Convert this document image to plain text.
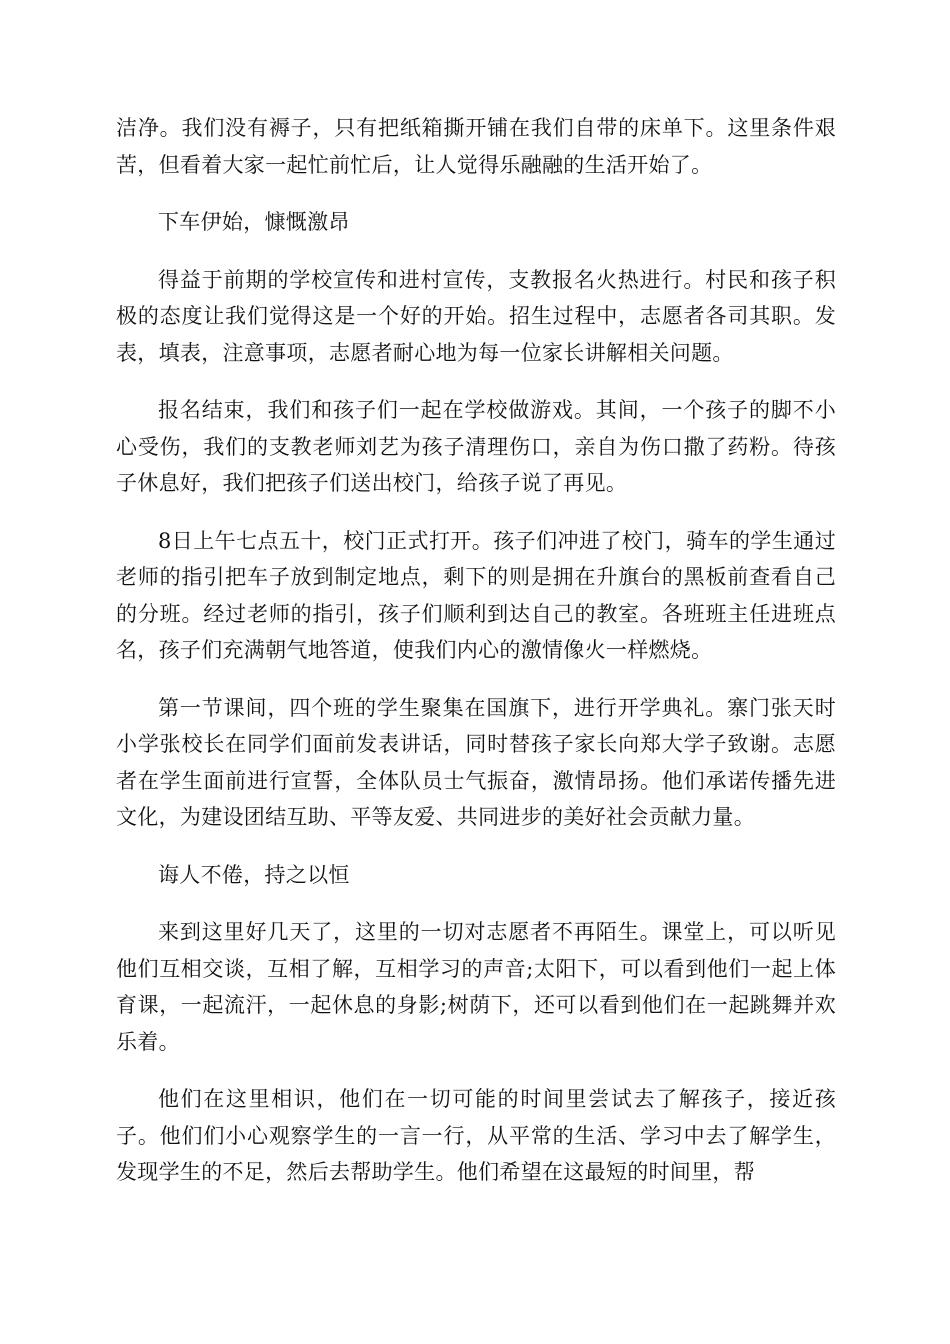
洁净。我们没有褥子，只有把纸箱撕开铺在我们自带的床单下。这里条件艰苦，但看着大家一起忙前忙后，让人觉得乐融融的生活开始了。

下车伊始，慷慨激昂

得益于前期的学校宣传和进村宣传，支教报名火热进行。村民和孩子积极的态度让我们觉得这是一个好的开始。招生过程中，志愿者各司其职。发表，填表，注意事项，志愿者耐心地为每一位家长讲解相关问题。

报名结束，我们和孩子们一起在学校做游戏。其间，一个孩子的脚不小心受伤，我们的支教老师刘艺为孩子清理伤口，亲自为伤口撒了药粉。待孩子休息好，我们把孩子们送出校门，给孩子说了再见。

8日上午七点五十，校门正式打开。孩子们冲进了校门，骑车的学生通过老师的指引把车子放到制定地点，剩下的则是拥在升旗台的黑板前查看自己的分班。经过老师的指引，孩子们顺利到达自己的教室。各班班主任进班点名，孩子们充满朝气地答道，使我们内心的激情像火一样燃烧。

第一节课间，四个班的学生聚集在国旗下，进行开学典礼。寨门张天时小学张校长在同学们面前发表讲话，同时替孩子家长向郑大学子致谢。志愿者在学生面前进行宣誓，全体队员士气振奋，激情昂扬。他们承诺传播先进文化，为建设团结互助、平等友爱、共同进步的美好社会贡献力量。

诲人不倦，持之以恒

来到这里好几天了，这里的一切对志愿者不再陌生。课堂上，可以听见他们互相交谈，互相了解，互相学习的声音;太阳下，可以看到他们一起上体育课，一起流汗，一起休息的身影;树荫下，还可以看到他们在一起跳舞并欢乐着。

他们在这里相识，他们在一切可能的时间里尝试去了解孩子，接近孩子。他们们小心观察学生的一言一行，从平常的生活、学习中去了解学生，发现学生的不足，然后去帮助学生。他们希望在这最短的时间里，帮
